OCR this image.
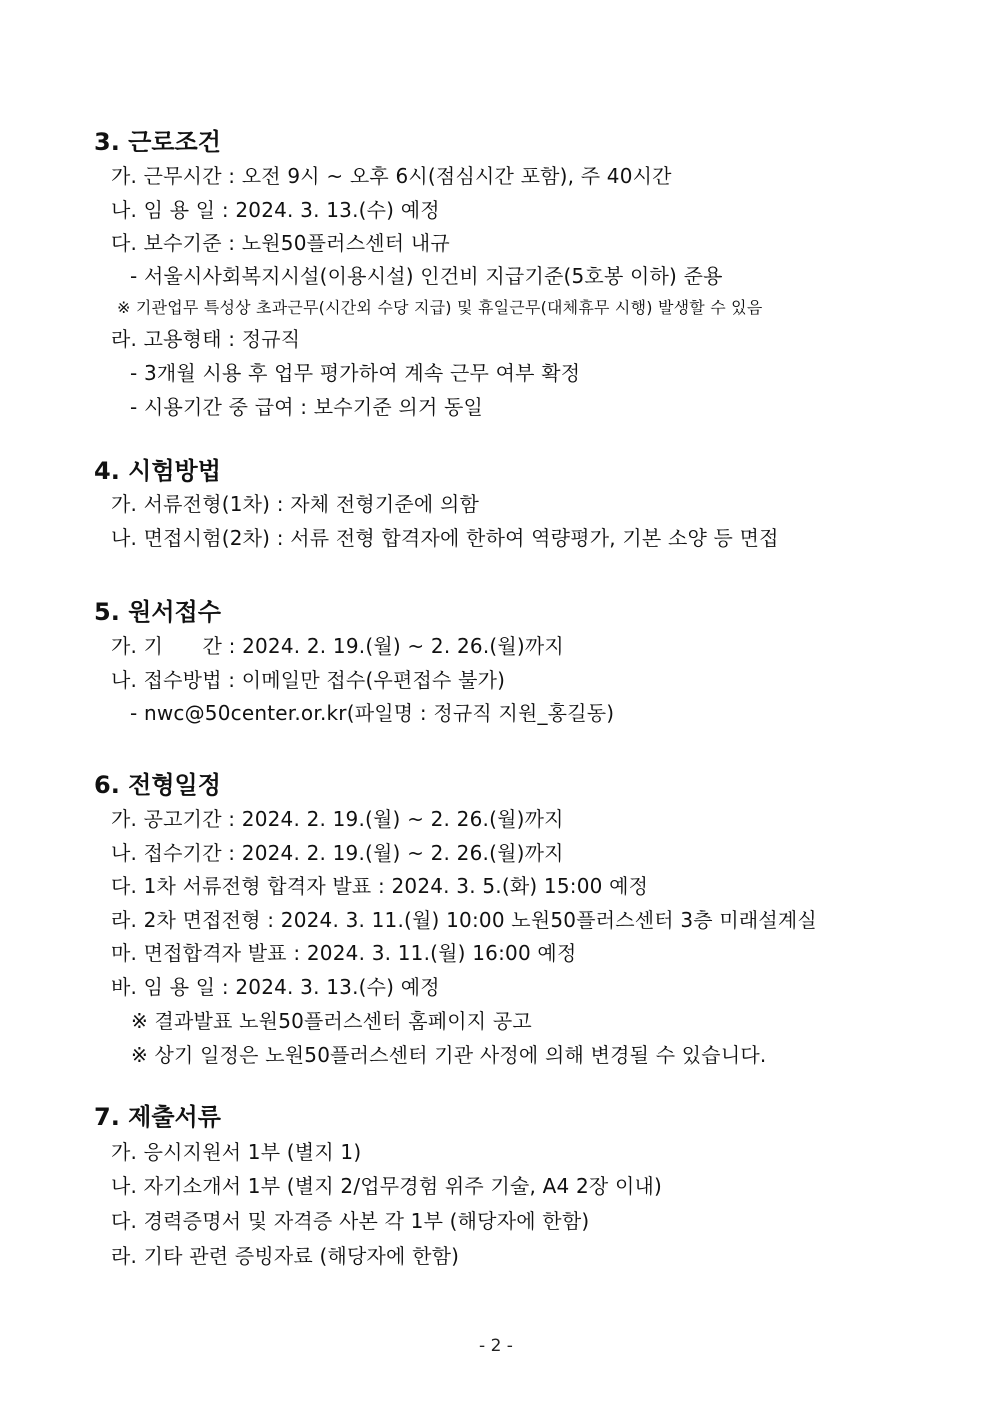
3. 근로조건
가. 근무시간 : 오전 9시 ~ 오후 6시(점심시간 포함), 주 40시간
나. 임 용 일 : 2024. 3. 13.(수) 예정
다. 보수기준 : 노원50플러스센터 내규
- 서울시사회복지시설(이용시설) 인건비 지급기준(5호봉 이하) 준용
※ 기관업무 특성상 초과근무(시간외 수당 지급) 및 휴일근무(대체휴무 시행) 발생할 수 있음
라. 고용형태 : 정규직
- 3개월 시용 후 업무 평가하여 계속 근무 여부 확정
- 시용기간 중 급여 : 보수기준 의거 동일
4. 시험방법
가. 서류전형(1차) : 자체 전형기준에 의함
나. 면접시험(2차) : 서류 전형 합격자에 한하여 역량평가, 기본 소양 등 면접
5. 원서접수
가. 기      간 : 2024. 2. 19.(월) ~ 2. 26.(월)까지
나. 접수방법 : 이메일만 접수(우편접수 불가)
- nwc@50center.or.kr(파일명 : 정규직 지원_홍길동)
6. 전형일정
가. 공고기간 : 2024. 2. 19.(월) ~ 2. 26.(월)까지
나. 접수기간 : 2024. 2. 19.(월) ~ 2. 26.(월)까지
다. 1차 서류전형 합격자 발표 : 2024. 3. 5.(화) 15:00 예정
라. 2차 면접전형 : 2024. 3. 11.(월) 10:00 노원50플러스센터 3층 미래설계실
마. 면접합격자 발표 : 2024. 3. 11.(월) 16:00 예정
바. 임 용 일 : 2024. 3. 13.(수) 예정
※ 결과발표 노원50플러스센터 홈페이지 공고
※ 상기 일정은 노원50플러스센터 기관 사정에 의해 변경될 수 있습니다.
7. 제출서류
가. 응시지원서 1부 (별지 1)
나. 자기소개서 1부 (별지 2/업무경험 위주 기술, A4 2장 이내)
다. 경력증명서 및 자격증 사본 각 1부 (해당자에 한함)
라. 기타 관련 증빙자료 (해당자에 한함)
- 2 -
